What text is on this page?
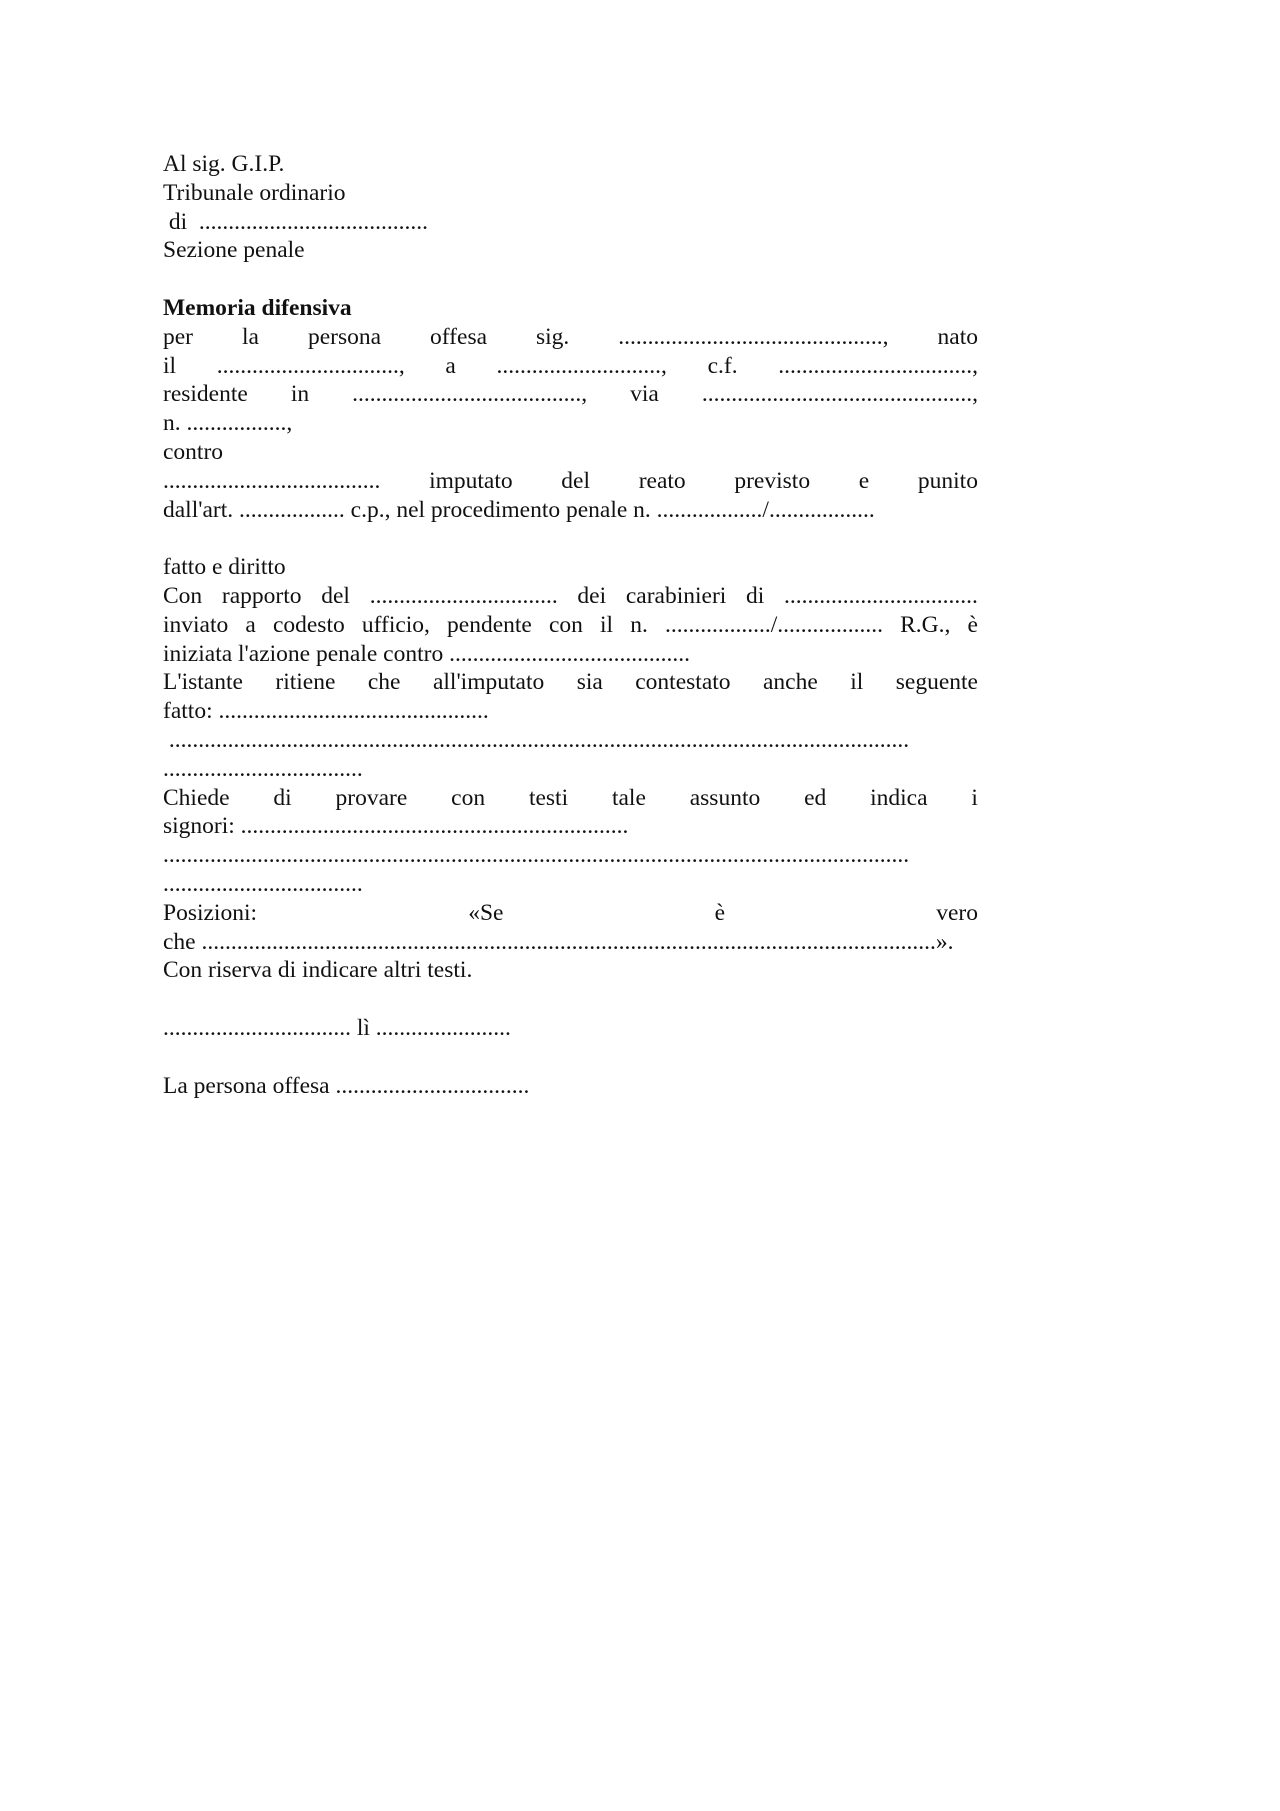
Al sig. G.I.P.
Tribunale ordinario
di  .......................................
Sezione penale
Memoria difensiva
per la persona offesa sig. ............................................., nato
il ..............................., a ............................, c.f. .................................,
residente in ......................................., via ..............................................,
n. .................,
contro
..................................... imputato del reato previsto e punito
dall'art. .................. c.p., nel procedimento penale n. ................../..................
fatto e diritto
Con rapporto del ................................ dei carabinieri di .................................
inviato a codesto ufficio, pendente con il n. ................../.................. R.G., è
iniziata l'azione penale contro .........................................
L'istante ritiene che all'imputato sia contestato anche il seguente
fatto: ..............................................
..............................................................................................................................
..................................
Chiede di provare con testi tale assunto ed indica i
signori: ..................................................................
...............................................................................................................................
..................................
Posizioni:	«Se	è	vero
che .............................................................................................................................».
Con riserva di indicare altri testi.
................................ lì .......................
La persona offesa .................................
